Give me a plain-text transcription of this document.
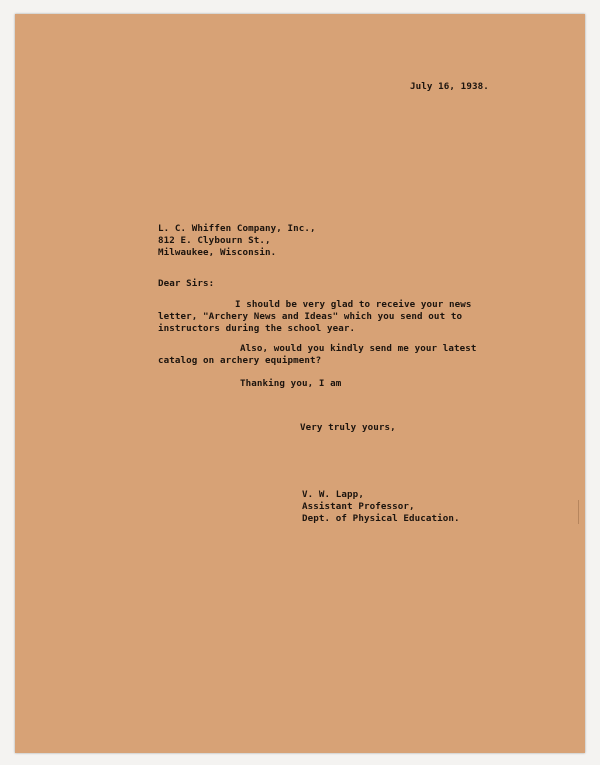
July 16, 1938.
L. C. Whiffen Company, Inc.,
812 E. Clybourn St.,
Milwaukee, Wisconsin.
Dear Sirs:
I should be very glad to receive your news
letter, "Archery News and Ideas" which you send out to
instructors during the school year.
Also, would you kindly send me your latest
catalog on archery equipment?
Thanking you, I am
Very truly yours,
V. W. Lapp,
Assistant Professor,
Dept. of Physical Education.
